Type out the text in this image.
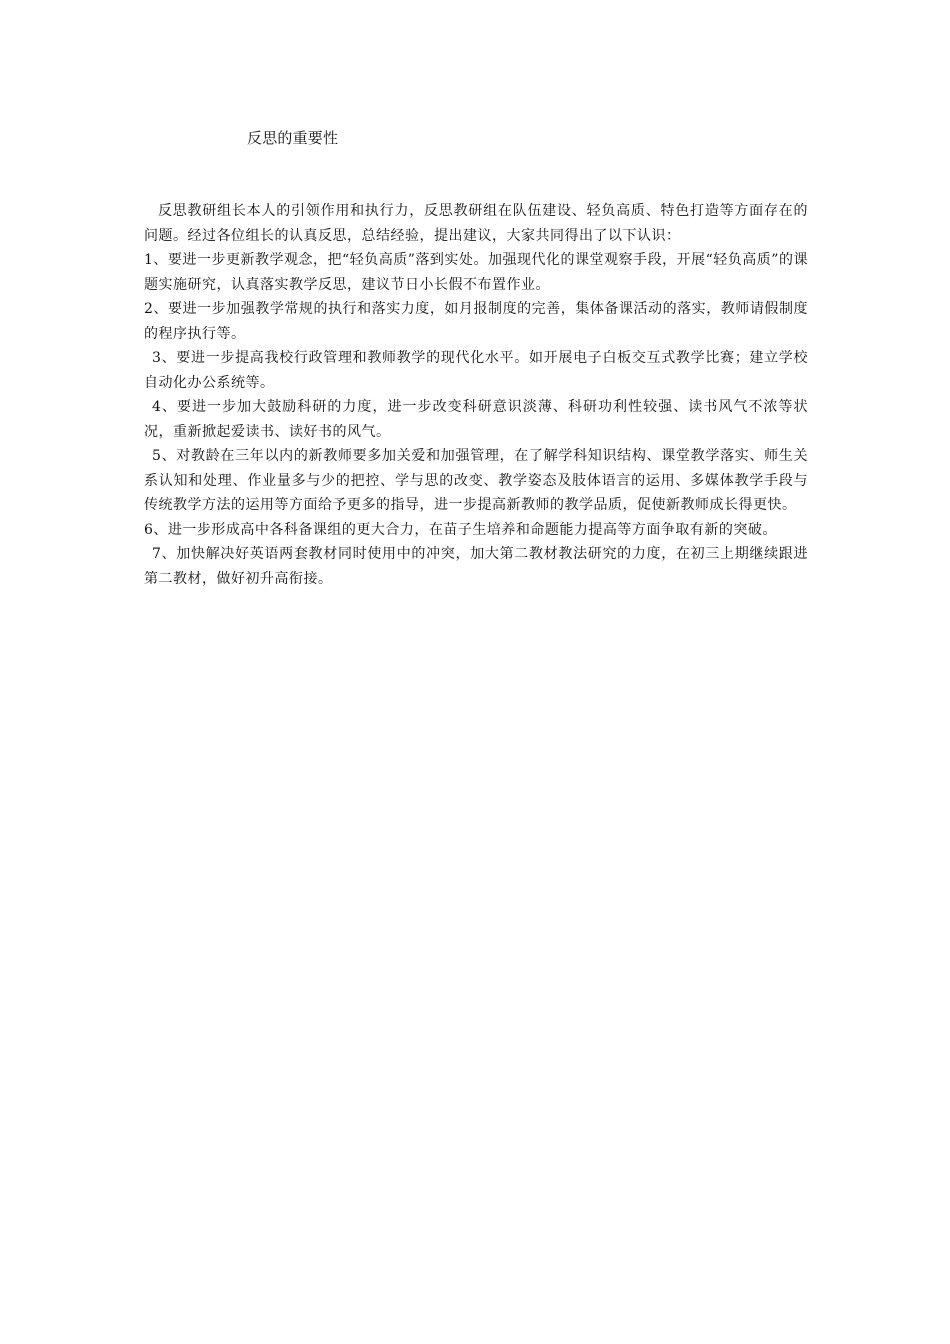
反思的重要性

反思教研组长本人的引领作用和执行力，反思教研组在队伍建设、轻负高质、特色打造等方面存在的问题。经过各位组长的认真反思，总结经验，提出建议，大家共同得出了以下认识：

1、要进一步更新教学观念，把“轻负高质”落到实处。加强现代化的课堂观察手段，开展“轻负高质”的课题实施研究，认真落实教学反思，建议节日小长假不布置作业。

2、要进一步加强教学常规的执行和落实力度，如月报制度的完善，集体备课活动的落实，教师请假制度的程序执行等。

3、要进一步提高我校行政管理和教师教学的现代化水平。如开展电子白板交互式教学比赛；建立学校自动化办公系统等。

4、要进一步加大鼓励科研的力度，进一步改变科研意识淡薄、科研功利性较强、读书风气不浓等状况，重新掀起爱读书、读好书的风气。

5、对教龄在三年以内的新教师要多加关爱和加强管理，在了解学科知识结构、课堂教学落实、师生关系认知和处理、作业量多与少的把控、学与思的改变、教学姿态及肢体语言的运用、多媒体教学手段与传统教学方法的运用等方面给予更多的指导，进一步提高新教师的教学品质，促使新教师成长得更快。

6、进一步形成高中各科备课组的更大合力，在苗子生培养和命题能力提高等方面争取有新的突破。

7、加快解决好英语两套教材同时使用中的冲突，加大第二教材教法研究的力度，在初三上期继续跟进第二教材，做好初升高衔接。
